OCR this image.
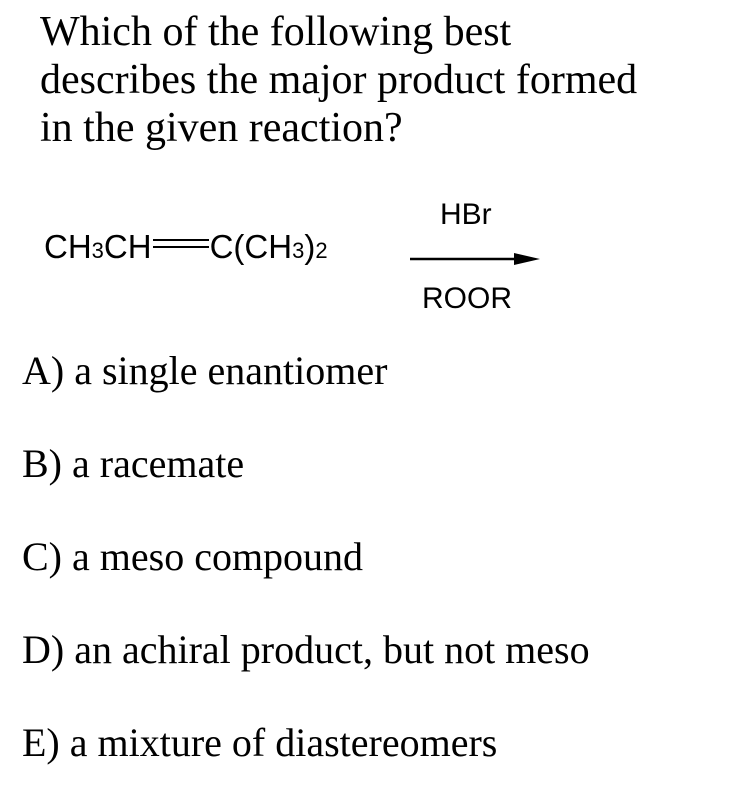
Which of the following best
describes the major product formed
in the given reaction?
CH 3 CH C(CH 3 ) 2
HBr
ROOR
A) a single enantiomer
B) a racemate
C) a meso compound
D) an achiral product, but not meso
E) a mixture of diastereomers
